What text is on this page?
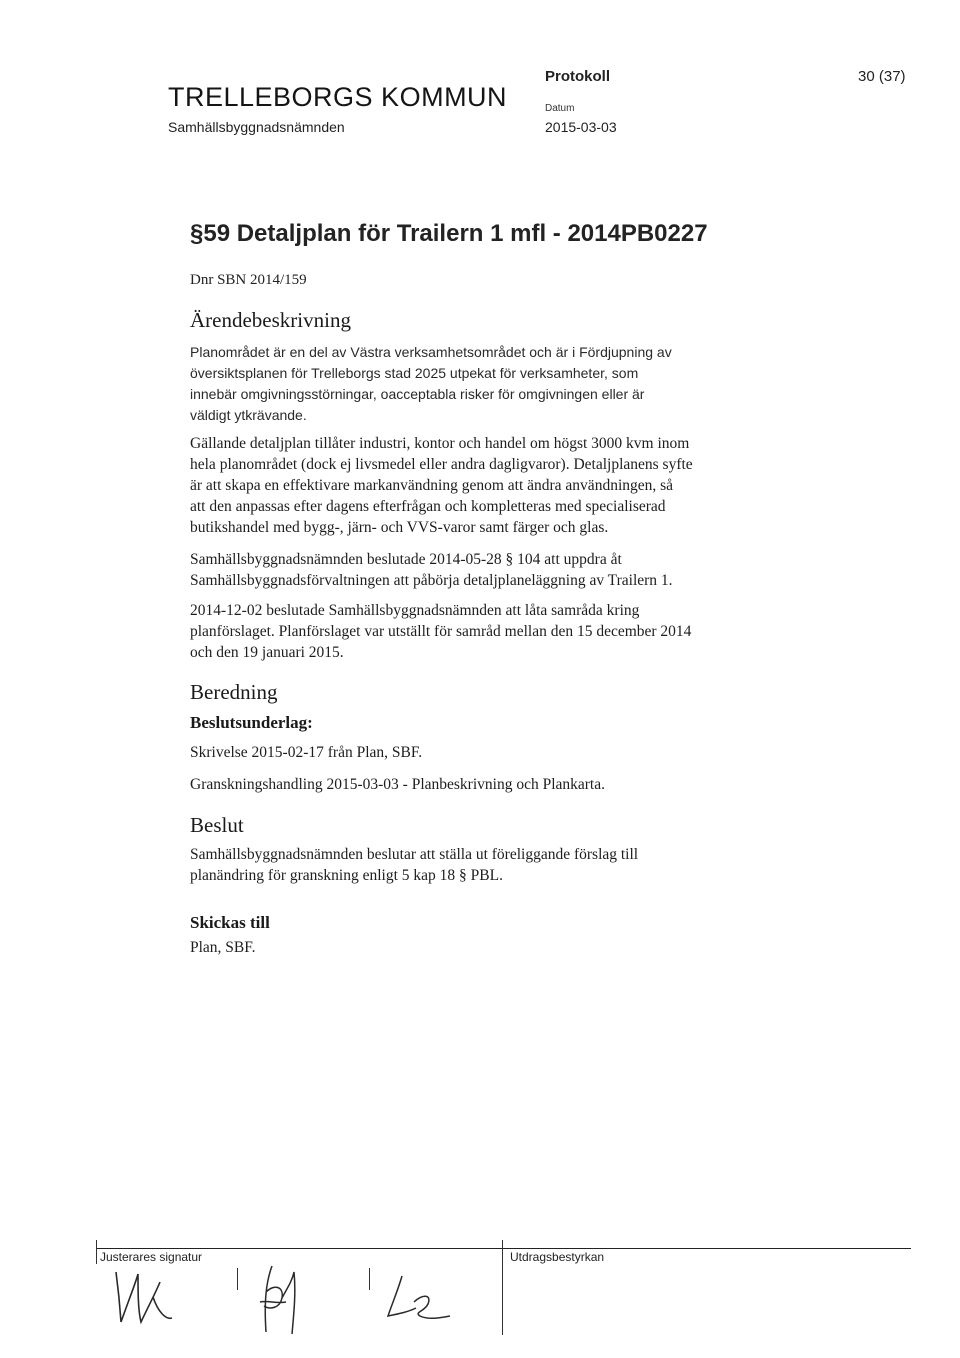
TRELLEBORGS KOMMUN
Samhällsbyggnadsnämnden
Protokoll
Datum
2015-03-03
30 (37)
§59 Detaljplan för Trailern 1 mfl - 2014PB0227
Dnr SBN 2014/159
Ärendebeskrivning
Planområdet är en del av Västra verksamhetsområdet och är i Fördjupning av
översiktsplanen för Trelleborgs stad 2025 utpekat för verksamheter, som
innebär omgivningsstörningar, oacceptabla risker för omgivningen eller är
väldigt ytkrävande.
Gällande detaljplan tillåter industri, kontor och handel om högst 3000 kvm inom
hela planområdet (dock ej livsmedel eller andra dagligvaror). Detaljplanens syfte
är att skapa en effektivare markanvändning genom att ändra användningen, så
att den anpassas efter dagens efterfrågan och kompletteras med specialiserad
butikshandel med bygg-, järn- och VVS-varor samt färger och glas.
Samhällsbyggnadsnämnden beslutade 2014-05-28 § 104 att uppdra åt
Samhällsbyggnadsförvaltningen att påbörja detaljplaneläggning av Trailern 1.
2014-12-02 beslutade Samhällsbyggnadsnämnden att låta samråda kring
planförslaget. Planförslaget var utställt för samråd mellan den 15 december 2014
och den 19 januari 2015.
Beredning
Beslutsunderlag:
Skrivelse 2015-02-17 från Plan, SBF.
Granskningshandling 2015-03-03 - Planbeskrivning och Plankarta.
Beslut
Samhällsbyggnadsnämnden beslutar att ställa ut föreliggande förslag till
planändring för granskning enligt 5 kap 18 § PBL.
Skickas till
Plan, SBF.
Justerares signatur	Utdragsbestyrkan
